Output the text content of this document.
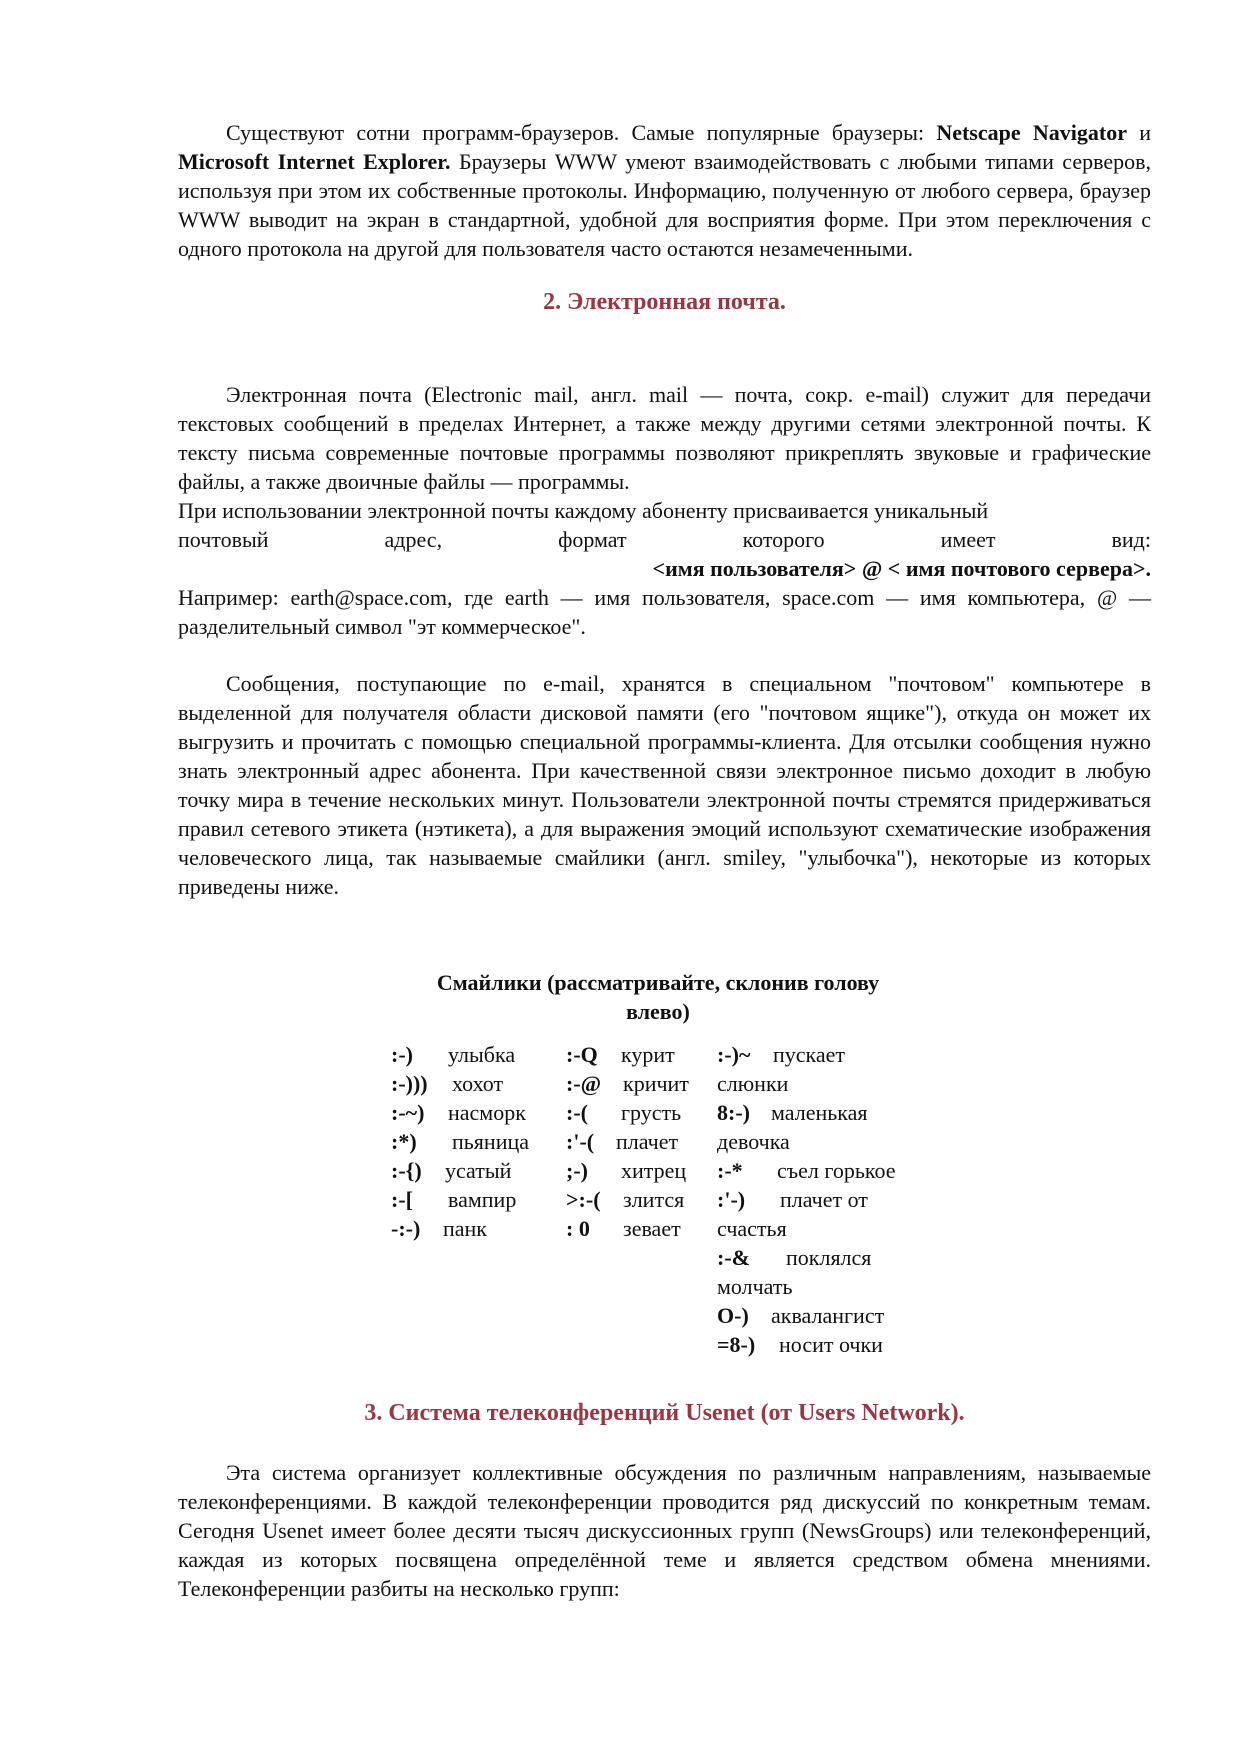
Существуют сотни программ-браузеров. Самые популярные браузеры: Netscape Navigator и Microsoft Internet Explorer. Браузеры WWW умеют взаимодействовать с любыми типами серверов, используя при этом их собственные протоколы. Информацию, полученную от любого сервера, браузер WWW выводит на экран в стандартной, удобной для восприятия форме. При этом переключения с одного протокола на другой для пользователя часто остаются незамеченными.

2. Электронная почта.

Электронная почта (Electronic mail, англ. mail — почта, сокр. e-mail) служит для передачи текстовых сообщений в пределах Интернет, а также между другими сетями электронной почты. К тексту письма современные почтовые программы позволяют прикреплять звуковые и графические файлы, а также двоичные файлы — программы.

При использовании электронной почты каждому абоненту присваивается уникальный

почтовый	адрес,	формат	которого	имеет	вид:
<имя пользователя> @ < имя почтового сервера>.

Например: earth@space.com, где earth — имя пользователя, space.com — имя компьютера, @ — разделительный символ "эт коммерческое".

Сообщения, поступающие по e-mail, хранятся в специальном "почтовом" компьютере в выделенной для получателя области дисковой памяти (его "почтовом ящике"), откуда он может их выгрузить и прочитать с помощью специальной программы-клиента. Для отсылки сообщения нужно знать электронный адрес абонента. При качественной связи электронное письмо доходит в любую точку мира в течение нескольких минут. Пользователи электронной почты стремятся придерживаться правил сетевого этикета (нэтикета), а для выражения эмоций используют схематические изображения человеческого лица, так называемые смайлики (англ. smiley, "улыбочка"), некоторые из которых приведены ниже.

Смайлики (рассматривайте, склонив голову
влево)
:-) улыбка
:-))) хохот
:-~) насморк
:*) пьяница
:-{) усатый
:-[ вампир
-:-) панк
:-Q курит
:-@ кричит
:-( грусть
:'-( плачет
;-) хитрец
>:-( злится
: 0 зевает
:-)~ пускает
слюнки
8:-) маленькая
девочка
:-* съел горькое
:'-) плачет от
счастья
:-& поклялся
молчать
O-) аквалангист
=8-) носит очки
3. Система телеконференций Usenet (от Users Network).

Эта система организует коллективные обсуждения по различным направлениям, называемые телеконференциями. В каждой телеконференции проводится ряд дискуссий по конкретным темам. Сегодня Usenet имеет более десяти тысяч дискуссионных групп (NewsGroups) или телеконференций, каждая из которых посвящена определённой теме и является средством обмена мнениями. Телеконференции разбиты на несколько групп:
